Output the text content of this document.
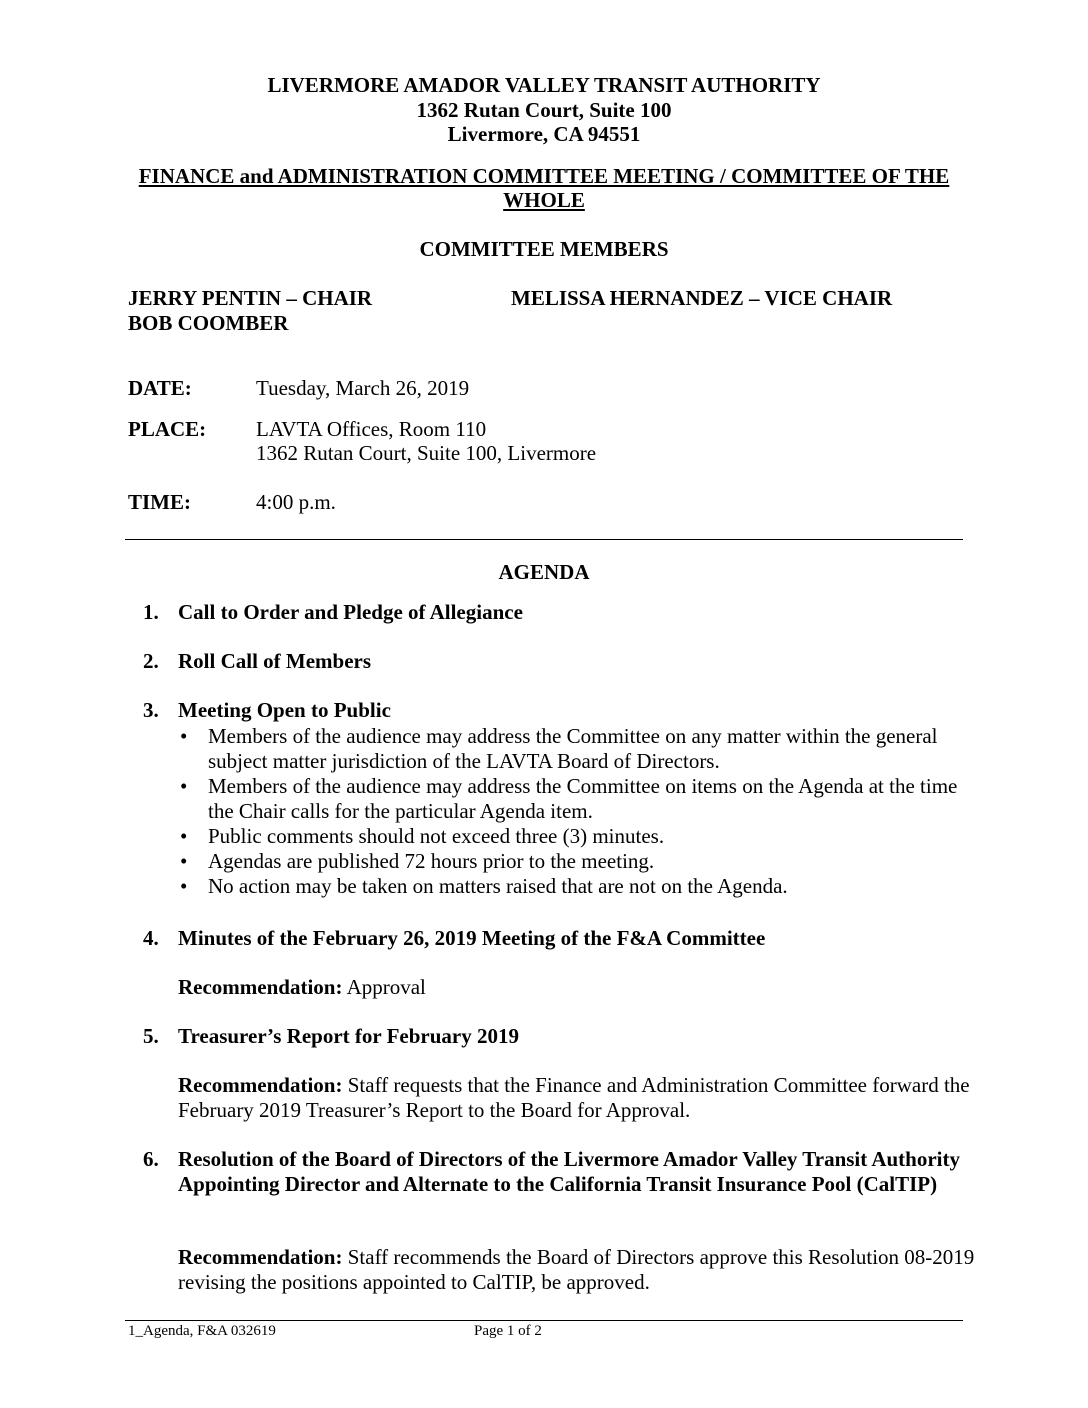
LIVERMORE AMADOR VALLEY TRANSIT AUTHORITY
1362 Rutan Court, Suite 100
Livermore, CA 94551
FINANCE and ADMINISTRATION COMMITTEE MEETING / COMMITTEE OF THE
WHOLE
COMMITTEE MEMBERS
JERRY PENTIN – CHAIR	MELISSA HERNANDEZ – VICE CHAIR
BOB COOMBER
DATE:	Tuesday, March 26, 2019
PLACE: LAVTA Offices, Room 110
1362 Rutan Court, Suite 100, Livermore
TIME:	4:00 p.m.
AGENDA
1. Call to Order and Pledge of Allegiance
2. Roll Call of Members
3. Meeting Open to Public
• Members of the audience may address the Committee on any matter within the general subject matter jurisdiction of the LAVTA Board of Directors.
• Members of the audience may address the Committee on items on the Agenda at the time the Chair calls for the particular Agenda item.
• Public comments should not exceed three (3) minutes.
• Agendas are published 72 hours prior to the meeting.
• No action may be taken on matters raised that are not on the Agenda.
4. Minutes of the February 26, 2019 Meeting of the F&A Committee
Recommendation: Approval
5. Treasurer’s Report for February 2019
Recommendation: Staff requests that the Finance and Administration Committee forward the February 2019 Treasurer’s Report to the Board for Approval.
6. Resolution of the Board of Directors of the Livermore Amador Valley Transit Authority Appointing Director and Alternate to the California Transit Insurance Pool (CalTIP)
Recommendation: Staff recommends the Board of Directors approve this Resolution 08-2019 revising the positions appointed to CalTIP, be approved.
1_Agenda, F&A 032619	Page 1 of 2
